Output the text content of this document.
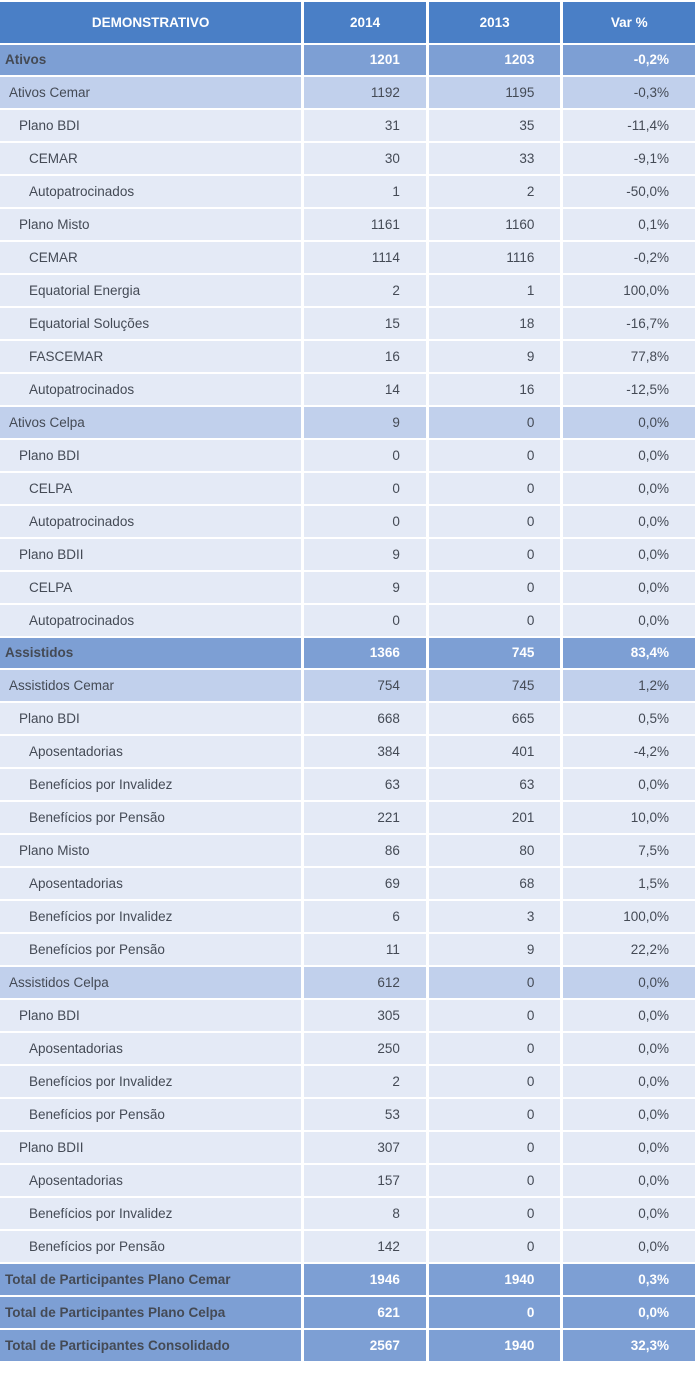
DEMONSTRATIVO	2014	2013	Var %
Ativos	1201	1203	-0,2%
Ativos Cemar	1192	1195	-0,3%
Plano BDI	31	35	-11,4%
CEMAR	30	33	-9,1%
Autopatrocinados	1	2	-50,0%
Plano Misto	1161	1160	0,1%
CEMAR	1114	1116	-0,2%
Equatorial Energia	2	1	100,0%
Equatorial Soluções	15	18	-16,7%
FASCEMAR	16	9	77,8%
Autopatrocinados	14	16	-12,5%
Ativos Celpa	9	0	0,0%
Plano BDI	0	0	0,0%
CELPA	0	0	0,0%
Autopatrocinados	0	0	0,0%
Plano BDII	9	0	0,0%
CELPA	9	0	0,0%
Autopatrocinados	0	0	0,0%
Assistidos	1366	745	83,4%
Assistidos Cemar	754	745	1,2%
Plano BDI	668	665	0,5%
Aposentadorias	384	401	-4,2%
Benefícios por Invalidez	63	63	0,0%
Benefícios por Pensão	221	201	10,0%
Plano Misto	86	80	7,5%
Aposentadorias	69	68	1,5%
Benefícios por Invalidez	6	3	100,0%
Benefícios por Pensão	11	9	22,2%
Assistidos Celpa	612	0	0,0%
Plano BDI	305	0	0,0%
Aposentadorias	250	0	0,0%
Benefícios por Invalidez	2	0	0,0%
Benefícios por Pensão	53	0	0,0%
Plano BDII	307	0	0,0%
Aposentadorias	157	0	0,0%
Benefícios por Invalidez	8	0	0,0%
Benefícios por Pensão	142	0	0,0%
Total de Participantes Plano Cemar	1946	1940	0,3%
Total de Participantes Plano Celpa	621	0	0,0%
Total de Participantes Consolidado	2567	1940	32,3%
